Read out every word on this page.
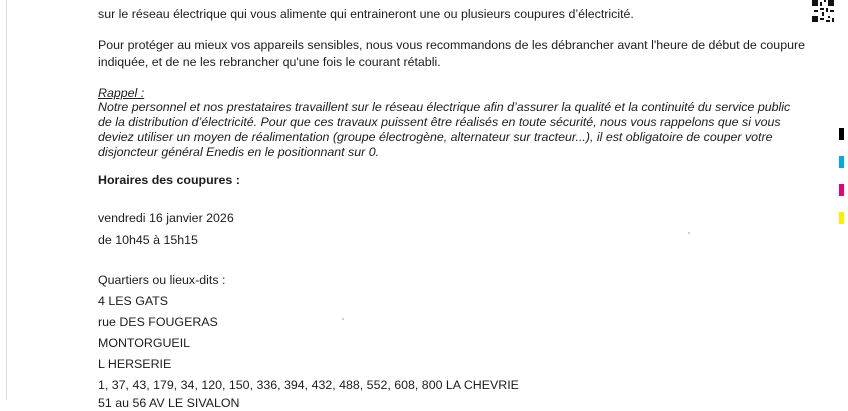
sur le réseau électrique qui vous alimente qui entraineront une ou plusieurs coupures d’électricité.
Pour protéger au mieux vos appareils sensibles, nous vous recommandons de les débrancher avant l'heure de début de coupure
indiquée, et de ne les rebrancher qu'une fois le courant rétabli.
Rappel :
Notre personnel et nos prestataires travaillent sur le réseau électrique afin d’assurer la qualité et la continuité du service public
de la distribution d’électricité. Pour que ces travaux puissent être réalisés en toute sécurité, nous vous rappelons que si vous
deviez utiliser un moyen de réalimentation (groupe électrogène, alternateur sur tracteur...), il est obligatoire de couper votre
disjoncteur général Enedis en le positionnant sur 0.
Horaires des coupures :
vendredi 16 janvier 2026
de 10h45 à 15h15
Quartiers ou lieux-dits :
4 LES GATS
rue DES FOUGERAS
MONTORGUEIL
L HERSERIE
1, 37, 43, 179, 34, 120, 150, 336, 394, 432, 488, 552, 608, 800 LA CHEVRIE
51 au 56 AV LE SIVALON
